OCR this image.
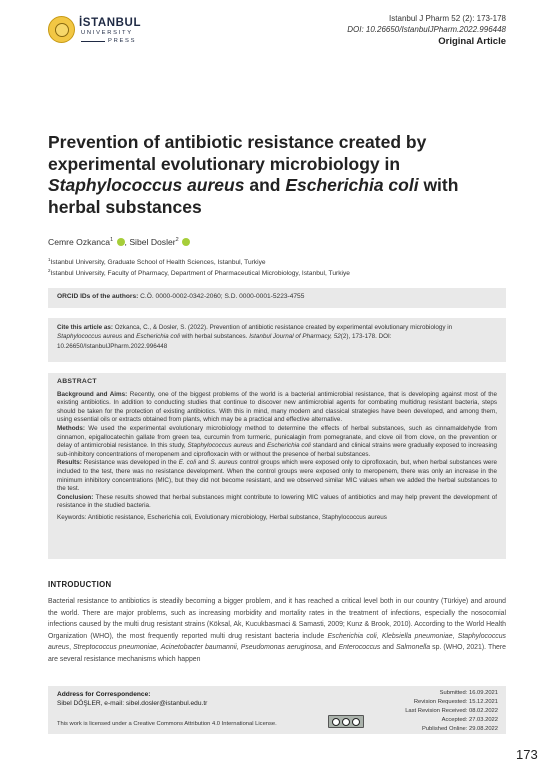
İSTANBUL
UNIVERSITY
PRESS
Istanbul J Pharm 52 (2): 173-178
DOI: 10.26650/IstanbulJPharm.2022.996448
Original Article
Prevention of antibiotic resistance created by experimental evolutionary microbiology in Staphylococcus aureus and Escherichia coli with herbal substances
Cemre Ozkanca$^1$ , Sibel Dosler$^2$
$^1$Istanbul University, Graduate School of Health Sciences, Istanbul, Turkiye
$^2$Istanbul University, Faculty of Pharmacy, Department of Pharmaceutical Microbiology, Istanbul, Turkiye
ORCID IDs of the authors: C.Ö. 0000-0002-0342-2060; S.D. 0000-0001-5223-4755
Cite this article as: Ozkanca, C., & Dosler, S. (2022). Prevention of antibiotic resistance created by experimental evolutionary microbiology in Staphylococcus aureus and Escherichia coli with herbal substances. Istanbul Journal of Pharmacy, 52(2), 173-178. DOI: 10.26650/IstanbulJPharm.2022.996448
ABSTRACT

Background and Aims: Recently, one of the biggest problems of the world is a bacterial antimicrobial resistance, that is developing against most of the existing antibiotics. In addition to conducting studies that continue to discover new antimicrobial agents for combating multidrug resistant bacteria, steps should be taken for the protection of existing antibiotics. With this in mind, many modern and classical strategies have been developed, and among them, using essential oils or extracts obtained from plants, which may be a practical and effective alternative.

Methods: We used the experimental evolutionary microbiology method to determine the effects of herbal substances, such as cinnamaldehyde from cinnamon, epigallocatechin gallate from green tea, curcumin from turmeric, punicalagin from pomegranate, and clove oil from clove, on the prevention or delay of antimicrobial resistance. In this study, Staphylococcus aureus and Escherichia coli standard and clinical strains were gradually exposed to increasing sub-inhibitory concentrations of meropenem and ciprofloxacin with or without the presence of herbal substances.

Results: Resistance was developed in the E. coli and S. aureus control groups which were exposed only to ciprofloxacin, but, when herbal substances were included to the test, there was no resistance development. When the control groups were exposed only to meropenem, there was only an increase in the minimum inhibitory concentrations (MIC), but they did not become resistant, and we observed similar MIC values when we added the herbal substances to the test.

Conclusion: These results showed that herbal substances might contribute to lowering MIC values of antibiotics and may help prevent the development of resistance in the studied bacteria.

Keywords: Antibiotic resistance, Escherichia coli, Evolutionary microbiology, Herbal substance, Staphylococcus aureus

INTRODUCTION

Bacterial resistance to antibiotics is steadily becoming a bigger problem, and it has reached a critical level both in our country (Türkiye) and around the world. There are major problems, such as increasing morbidity and mortality rates in the treatment of infections, especially the nosocomial infections caused by the multi drug resistant strains (Köksal, Ak, Kucukbasmaci & Samasti, 2009; Kunz & Brook, 2010). According to the World Health Organization (WHO), the most frequently reported multi drug resistant bacteria include Escherichia coli, Klebsiella pneumoniae, Staphylococcus aureus, Streptococcus pneumoniae, Acinetobacter baumannii, Pseudomonas aeruginosa, and Enterococcus and Salmonella sp. (WHO, 2021). There are several resistance mechanisms which happen

Address for Correspondence:
Sibel DÖŞLER, e-mail: sibel.dosler@istanbul.edu.tr
This work is licensed under a Creative Commons Attribution 4.0 International License.
Submitted: 16.09.2021
Revision Requested: 15.12.2021
Last Revision Received: 08.02.2022
Accepted: 27.03.2022
Published Online: 29.08.2022
173
